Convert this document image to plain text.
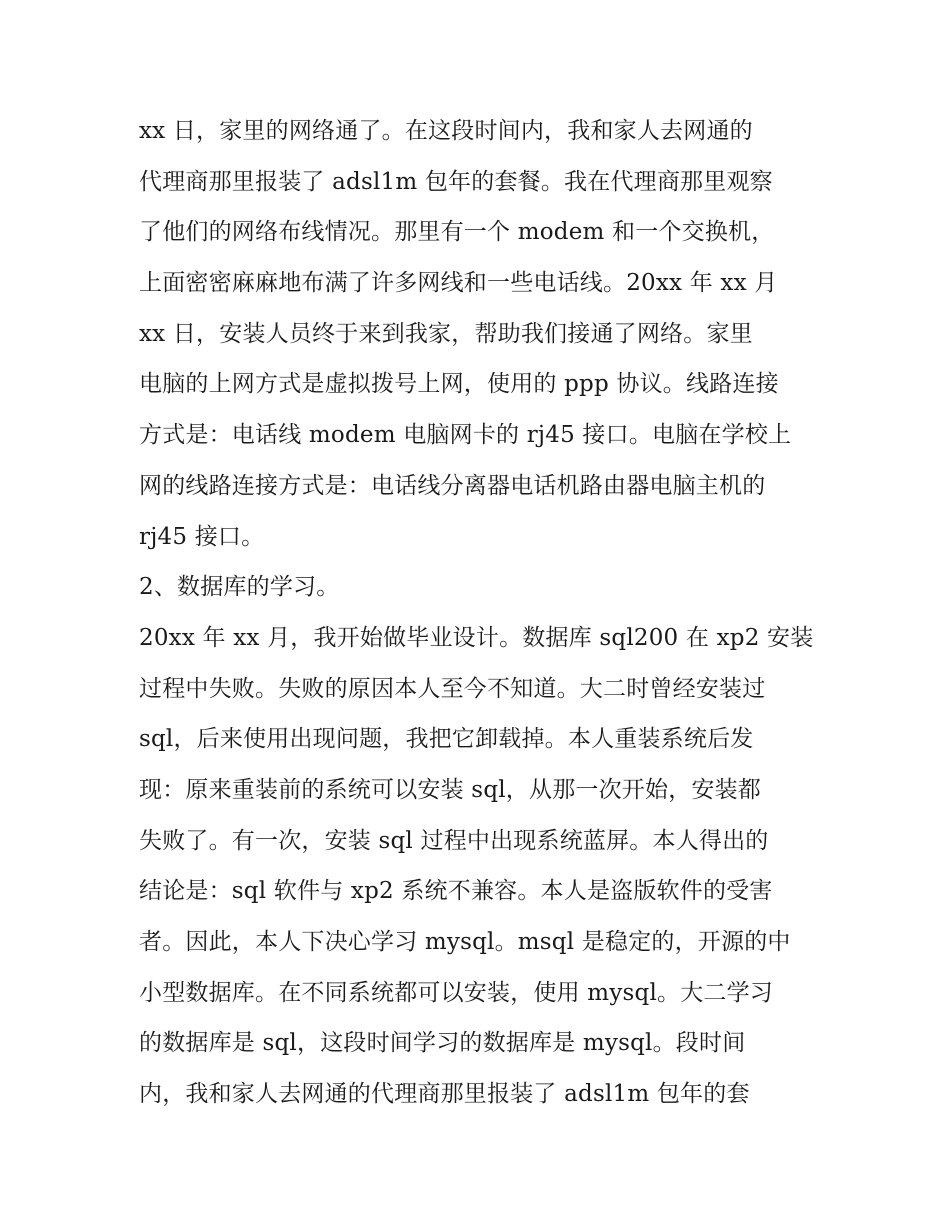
xx 日，家里的网络通了。在这段时间内，我和家人去网通的
代理商那里报装了 adsl1m 包年的套餐。我在代理商那里观察
了他们的网络布线情况。那里有一个 modem 和一个交换机，
上面密密麻麻地布满了许多网线和一些电话线。20xx 年 xx 月
xx 日，安装人员终于来到我家，帮助我们接通了网络。家里
电脑的上网方式是虚拟拨号上网，使用的 ppp 协议。线路连接
方式是：电话线 modem 电脑网卡的 rj45 接口。电脑在学校上
网的线路连接方式是：电话线分离器电话机路由器电脑主机的
rj45 接口。
2、数据库的学习。
20xx 年 xx 月，我开始做毕业设计。数据库 sql200 在 xp2 安装
过程中失败。失败的原因本人至今不知道。大二时曾经安装过
sql，后来使用出现问题，我把它卸载掉。本人重装系统后发
现：原来重装前的系统可以安装 sql，从那一次开始，安装都
失败了。有一次，安装 sql 过程中出现系统蓝屏。本人得出的
结论是：sql 软件与 xp2 系统不兼容。本人是盗版软件的受害
者。因此，本人下决心学习 mysql。msql 是稳定的，开源的中
小型数据库。在不同系统都可以安装，使用 mysql。大二学习
的数据库是 sql，这段时间学习的数据库是 mysql。段时间
内，我和家人去网通的代理商那里报装了 adsl1m 包年的套
